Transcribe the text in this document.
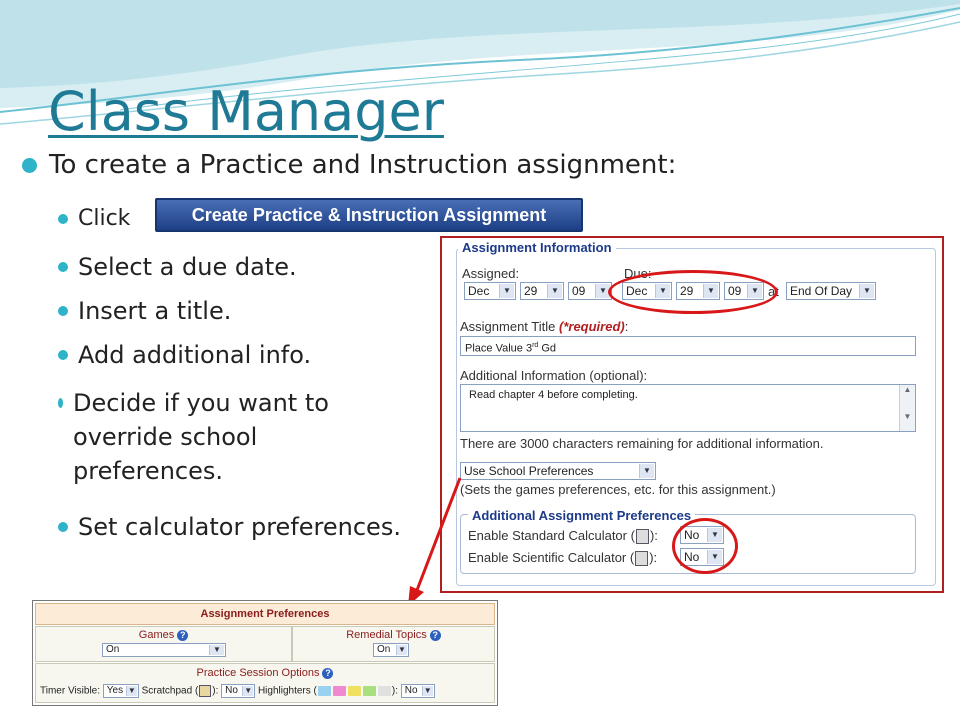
Class Manager
To create a Practice and Instruction assignment:
Click	Create Practice & Instruction Assignment
Select a due date.
Insert a title.
Add additional info.
Decide if you want to override school preferences.
Set calculator preferences.
Assignment Information
Assigned:	Due:
Dec	▼	29	▼	09	▼	Dec	▼	29	▼	09	▼ at End Of Day	▼
Assignment Title (*required):
Place Value 3rd Gd
Additional Information (optional):
Read chapter 4 before completing.	▲
▼
There are 3000 characters remaining for additional information.
Use School Preferences	▼
(Sets the games preferences, etc. for this assignment.)
Additional Assignment Preferences
Enable Standard Calculator ( ):	No	▼
Enable Scientific Calculator ( ):	No	▼
Assignment Preferences
Games ?
On	▼
Remedial Topics ?
On ▼
Practice Session Options ?
Timer Visible: Yes ▼ Scratchpad ( ): No ▼ Highlighters (	): No ▼
